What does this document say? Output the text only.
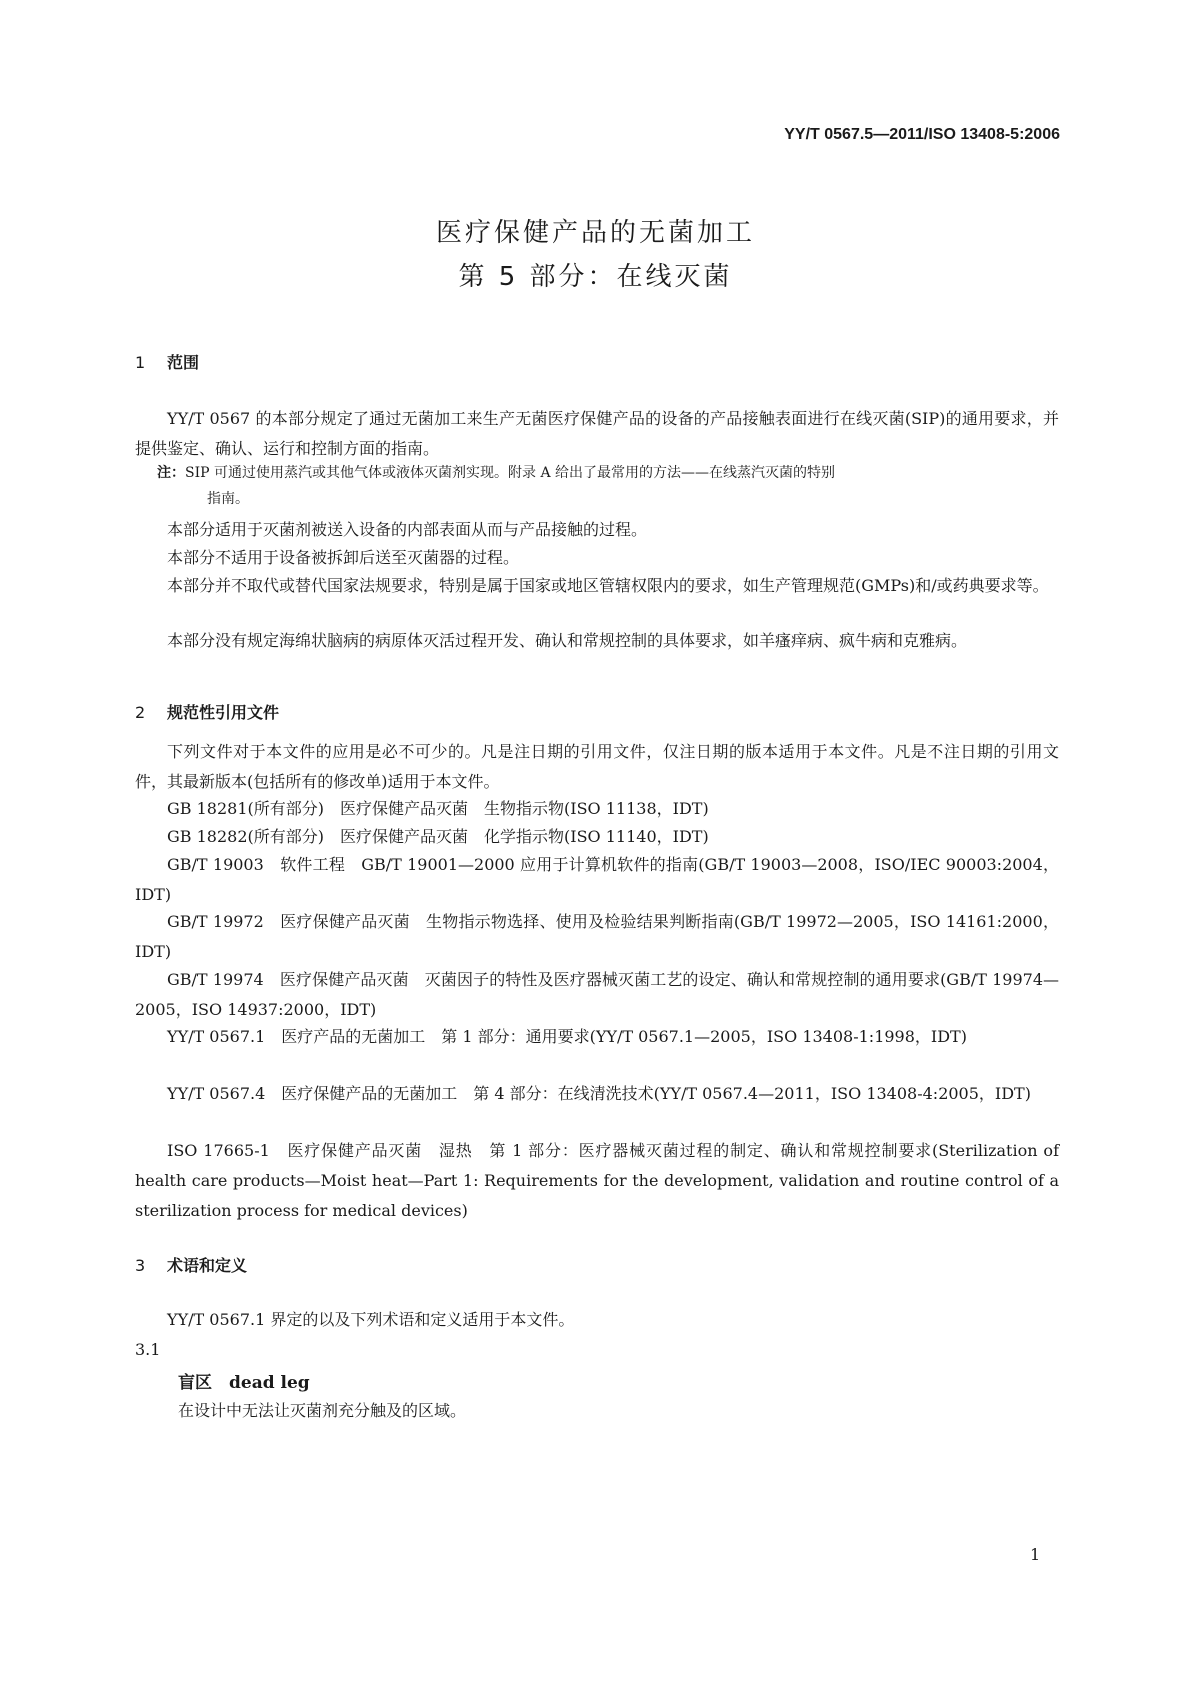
YY/T 0567.5—2011/ISO 13408-5:2006
医疗保健产品的无菌加工
第 5 部分：在线灭菌
1 范围
YY/T 0567 的本部分规定了通过无菌加工来生产无菌医疗保健产品的设备的产品接触表面进行在线灭菌(SIP)的通用要求，并提供鉴定、确认、运行和控制方面的指南。
注：SIP 可通过使用蒸汽或其他气体或液体灭菌剂实现。附录 A 给出了最常用的方法——在线蒸汽灭菌的特别
指南。
本部分适用于灭菌剂被送入设备的内部表面从而与产品接触的过程。
本部分不适用于设备被拆卸后送至灭菌器的过程。
本部分并不取代或替代国家法规要求，特别是属于国家或地区管辖权限内的要求，如生产管理规范(GMPs)和/或药典要求等。
本部分没有规定海绵状脑病的病原体灭活过程开发、确认和常规控制的具体要求，如羊瘙痒病、疯牛病和克雅病。
2 规范性引用文件
下列文件对于本文件的应用是必不可少的。凡是注日期的引用文件，仅注日期的版本适用于本文件。凡是不注日期的引用文件，其最新版本(包括所有的修改单)适用于本文件。
GB 18281(所有部分)　医疗保健产品灭菌　生物指示物(ISO 11138，IDT)
GB 18282(所有部分)　医疗保健产品灭菌　化学指示物(ISO 11140，IDT)
GB/T 19003　软件工程　GB/T 19001—2000 应用于计算机软件的指南(GB/T 19003—2008，ISO/IEC 90003:2004，IDT)
GB/T 19972　医疗保健产品灭菌　生物指示物选择、使用及检验结果判断指南(GB/T 19972—2005，ISO 14161:2000，IDT)
GB/T 19974　医疗保健产品灭菌　灭菌因子的特性及医疗器械灭菌工艺的设定、确认和常规控制的通用要求(GB/T 19974—2005，ISO 14937:2000，IDT)
YY/T 0567.1　医疗产品的无菌加工　第 1 部分：通用要求(YY/T 0567.1—2005，ISO 13408-1:1998，IDT)
YY/T 0567.4　医疗保健产品的无菌加工　第 4 部分：在线清洗技术(YY/T 0567.4—2011，ISO 13408-4:2005，IDT)
ISO 17665-1　医疗保健产品灭菌　湿热　第 1 部分：医疗器械灭菌过程的制定、确认和常规控制要求(Sterilization of health care products—Moist heat—Part 1: Requirements for the development, validation and routine control of a sterilization process for medical devices)
3 术语和定义
YY/T 0567.1 界定的以及下列术语和定义适用于本文件。
3.1
盲区　 dead leg
在设计中无法让灭菌剂充分触及的区域。
1
